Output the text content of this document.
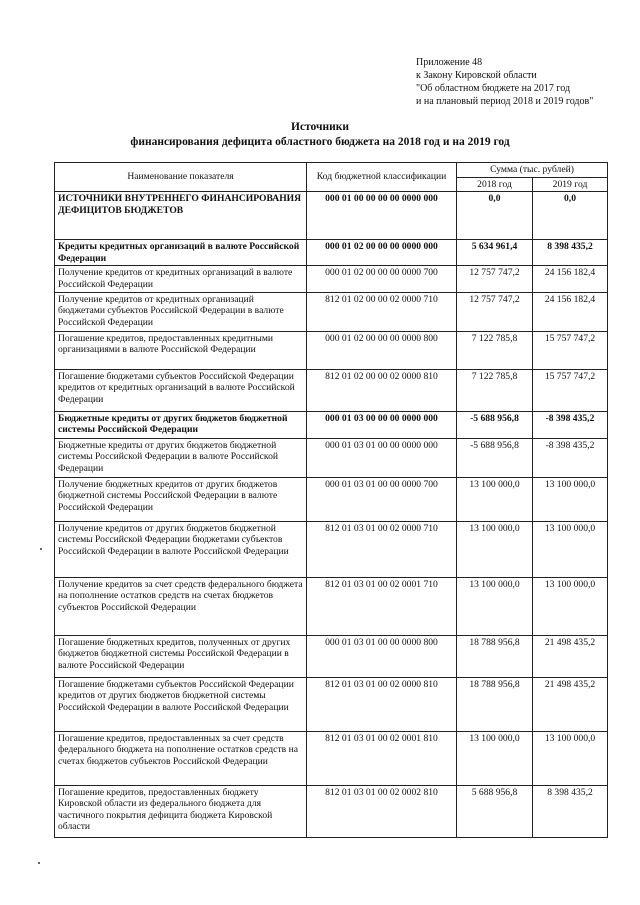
Приложение 48
к Закону Кировской области
"Об областном бюджете на 2017 год
и на плановый период 2018 и 2019 годов"
Источники
финансирования дефицита областного бюджета на 2018 год и на 2019 год
Наименование показателя	Код бюджетной классификации	Сумма (тыс. рублей)	
		2018 год	2019 год
ИСТОЧНИКИ ВНУТРЕННЕГО ФИНАНСИРОВАНИЯ ДЕФИЦИТОВ БЮДЖЕТОВ	000 01 00 00 00 00 0000 000	0,0	0,0
Кредиты кредитных организаций в валюте Российской Федерации	000 01 02 00 00 00 0000 000	5 634 961,4	8 398 435,2
Получение кредитов от кредитных организаций в валюте Российской Федерации	000 01 02 00 00 00 0000 700	12 757 747,2	24 156 182,4
Получение кредитов от кредитных организаций бюджетами субъектов Российской Федерации в валюте Российской Федерации	812 01 02 00 00 02 0000 710	12 757 747,2	24 156 182,4
Погашение кредитов, предоставленных кредитными организациями в валюте Российской Федерации	000 01 02 00 00 00 0000 800	7 122 785,8	15 757 747,2
Погашение бюджетами субъектов Российской Федерации кредитов от кредитных организаций в валюте Российской Федерации	812 01 02 00 00 02 0000 810	7 122 785,8	15 757 747,2
Бюджетные кредиты от других бюджетов бюджетной системы Российской Федерации	000 01 03 00 00 00 0000 000	-5 688 956,8	-8 398 435,2
Бюджетные кредиты от других бюджетов бюджетной системы Российской Федерации в валюте Российской Федерации	000 01 03 01 00 00 0000 000	-5 688 956,8	-8 398 435,2
Получение бюджетных кредитов от других бюджетов бюджетной системы Российской Федерации в валюте Российской Федерации	000 01 03 01 00 00 0000 700	13 100 000,0	13 100 000,0
Получение кредитов от других бюджетов бюджетной системы Российской Федерации бюджетами субъектов Российской Федерации в валюте Российской Федерации	812 01 03 01 00 02 0000 710	13 100 000,0	13 100 000,0
Получение кредитов за счет средств федерального бюджета на пополнение остатков средств на счетах бюджетов субъектов Российской Федерации	812 01 03 01 00 02 0001 710	13 100 000,0	13 100 000,0
Погашение бюджетных кредитов, полученных от других бюджетов бюджетной системы Российской Федерации в валюте Российской Федерации	000 01 03 01 00 00 0000 800	18 788 956,8	21 498 435,2
Погашение бюджетами субъектов Российской Федерации кредитов от других бюджетов бюджетной системы Российской Федерации в валюте Российской Федерации	812 01 03 01 00 02 0000 810	18 788 956,8	21 498 435,2
Погашение кредитов, предоставленных за счет средств федерального бюджета на пополнение остатков средств на счетах бюджетов субъектов Российской Федерации	812 01 03 01 00 02 0001 810	13 100 000,0	13 100 000,0
Погашение кредитов, предоставленных бюджету Кировской области из федерального бюджета для частичного покрытия дефицита бюджета Кировской области	812 01 03 01 00 02 0002 810	5 688 956,8	8 398 435,2
